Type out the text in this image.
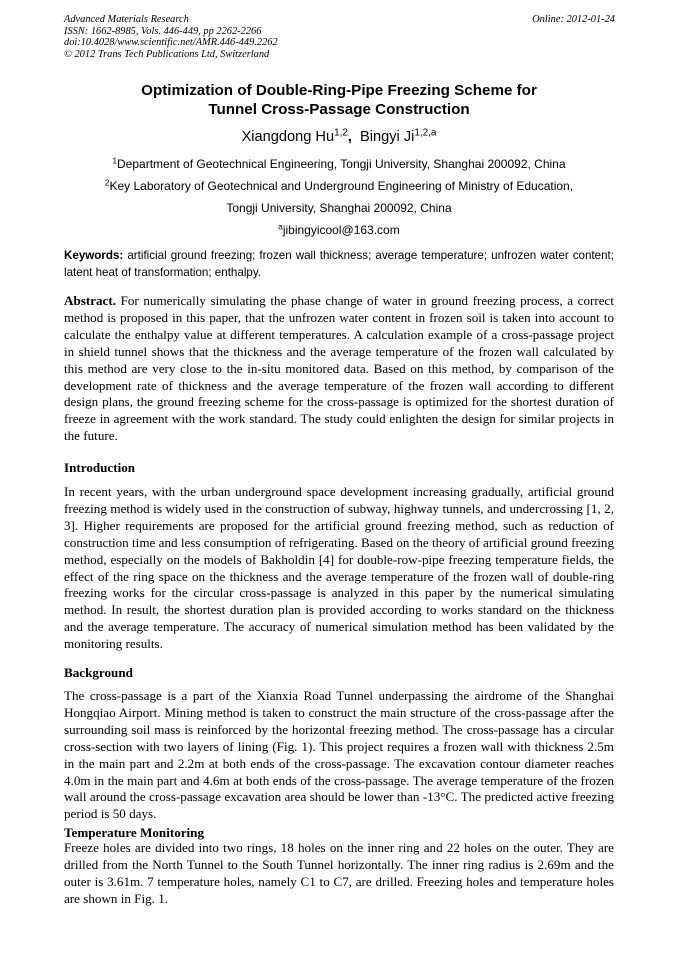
Advanced Materials Research
ISSN: 1662-8985, Vols. 446-449, pp 2262-2266
doi:10.4028/www.scientific.net/AMR.446-449.2262
© 2012 Trans Tech Publications Ltd, Switzerland
Online: 2012-01-24
Optimization of Double-Ring-Pipe Freezing Scheme for
Tunnel Cross-Passage Construction
Xiangdong Hu$^{1,2}$, Bingyi Ji$^{1,2,a}$
$^1$Department of Geotechnical Engineering, Tongji University, Shanghai 200092, China
$^2$Key Laboratory of Geotechnical and Underground Engineering of Ministry of Education,
Tongji University, Shanghai 200092, China
$^a$jibingyicool@163.com
Keywords: artificial ground freezing; frozen wall thickness; average temperature; unfrozen water content; latent heat of transformation; enthalpy.

Abstract. For numerically simulating the phase change of water in ground freezing process, a correct method is proposed in this paper, that the unfrozen water content in frozen soil is taken into account to calculate the enthalpy value at different temperatures. A calculation example of a cross-passage project in shield tunnel shows that the thickness and the average temperature of the frozen wall calculated by this method are very close to the in-situ monitored data. Based on this method, by comparison of the development rate of thickness and the average temperature of the frozen wall according to different design plans, the ground freezing scheme for the cross-passage is optimized for the shortest duration of freeze in agreement with the work standard. The study could enlighten the design for similar projects in the future.

Introduction

In recent years, with the urban underground space development increasing gradually, artificial ground freezing method is widely used in the construction of subway, highway tunnels, and undercrossing [1, 2, 3]. Higher requirements are proposed for the artificial ground freezing method, such as reduction of construction time and less consumption of refrigerating. Based on the theory of artificial ground freezing method, especially on the models of Bakholdin [4] for double-row-pipe freezing temperature fields, the effect of the ring space on the thickness and the average temperature of the frozen wall of double-ring freezing works for the circular cross-passage is analyzed in this paper by the numerical simulating method. In result, the shortest duration plan is provided according to works standard on the thickness and the average temperature. The accuracy of numerical simulation method has been validated by the monitoring results.

Background

The cross-passage is a part of the Xianxia Road Tunnel underpassing the airdrome of the Shanghai Hongqiao Airport. Mining method is taken to construct the main structure of the cross-passage after the surrounding soil mass is reinforced by the horizontal freezing method. The cross-passage has a circular cross-section with two layers of lining (Fig. 1). This project requires a frozen wall with thickness 2.5m in the main part and 2.2m at both ends of the cross-passage. The excavation contour diameter reaches 4.0m in the main part and 4.6m at both ends of the cross-passage. The average temperature of the frozen wall around the cross-passage excavation area should be lower than -13°C. The predicted active freezing period is 50 days.

Temperature Monitoring

Freeze holes are divided into two rings, 18 holes on the inner ring and 22 holes on the outer. They are drilled from the North Tunnel to the South Tunnel horizontally. The inner ring radius is 2.69m and the outer is 3.61m. 7 temperature holes, namely C1 to C7, are drilled. Freezing holes and temperature holes are shown in Fig. 1.
